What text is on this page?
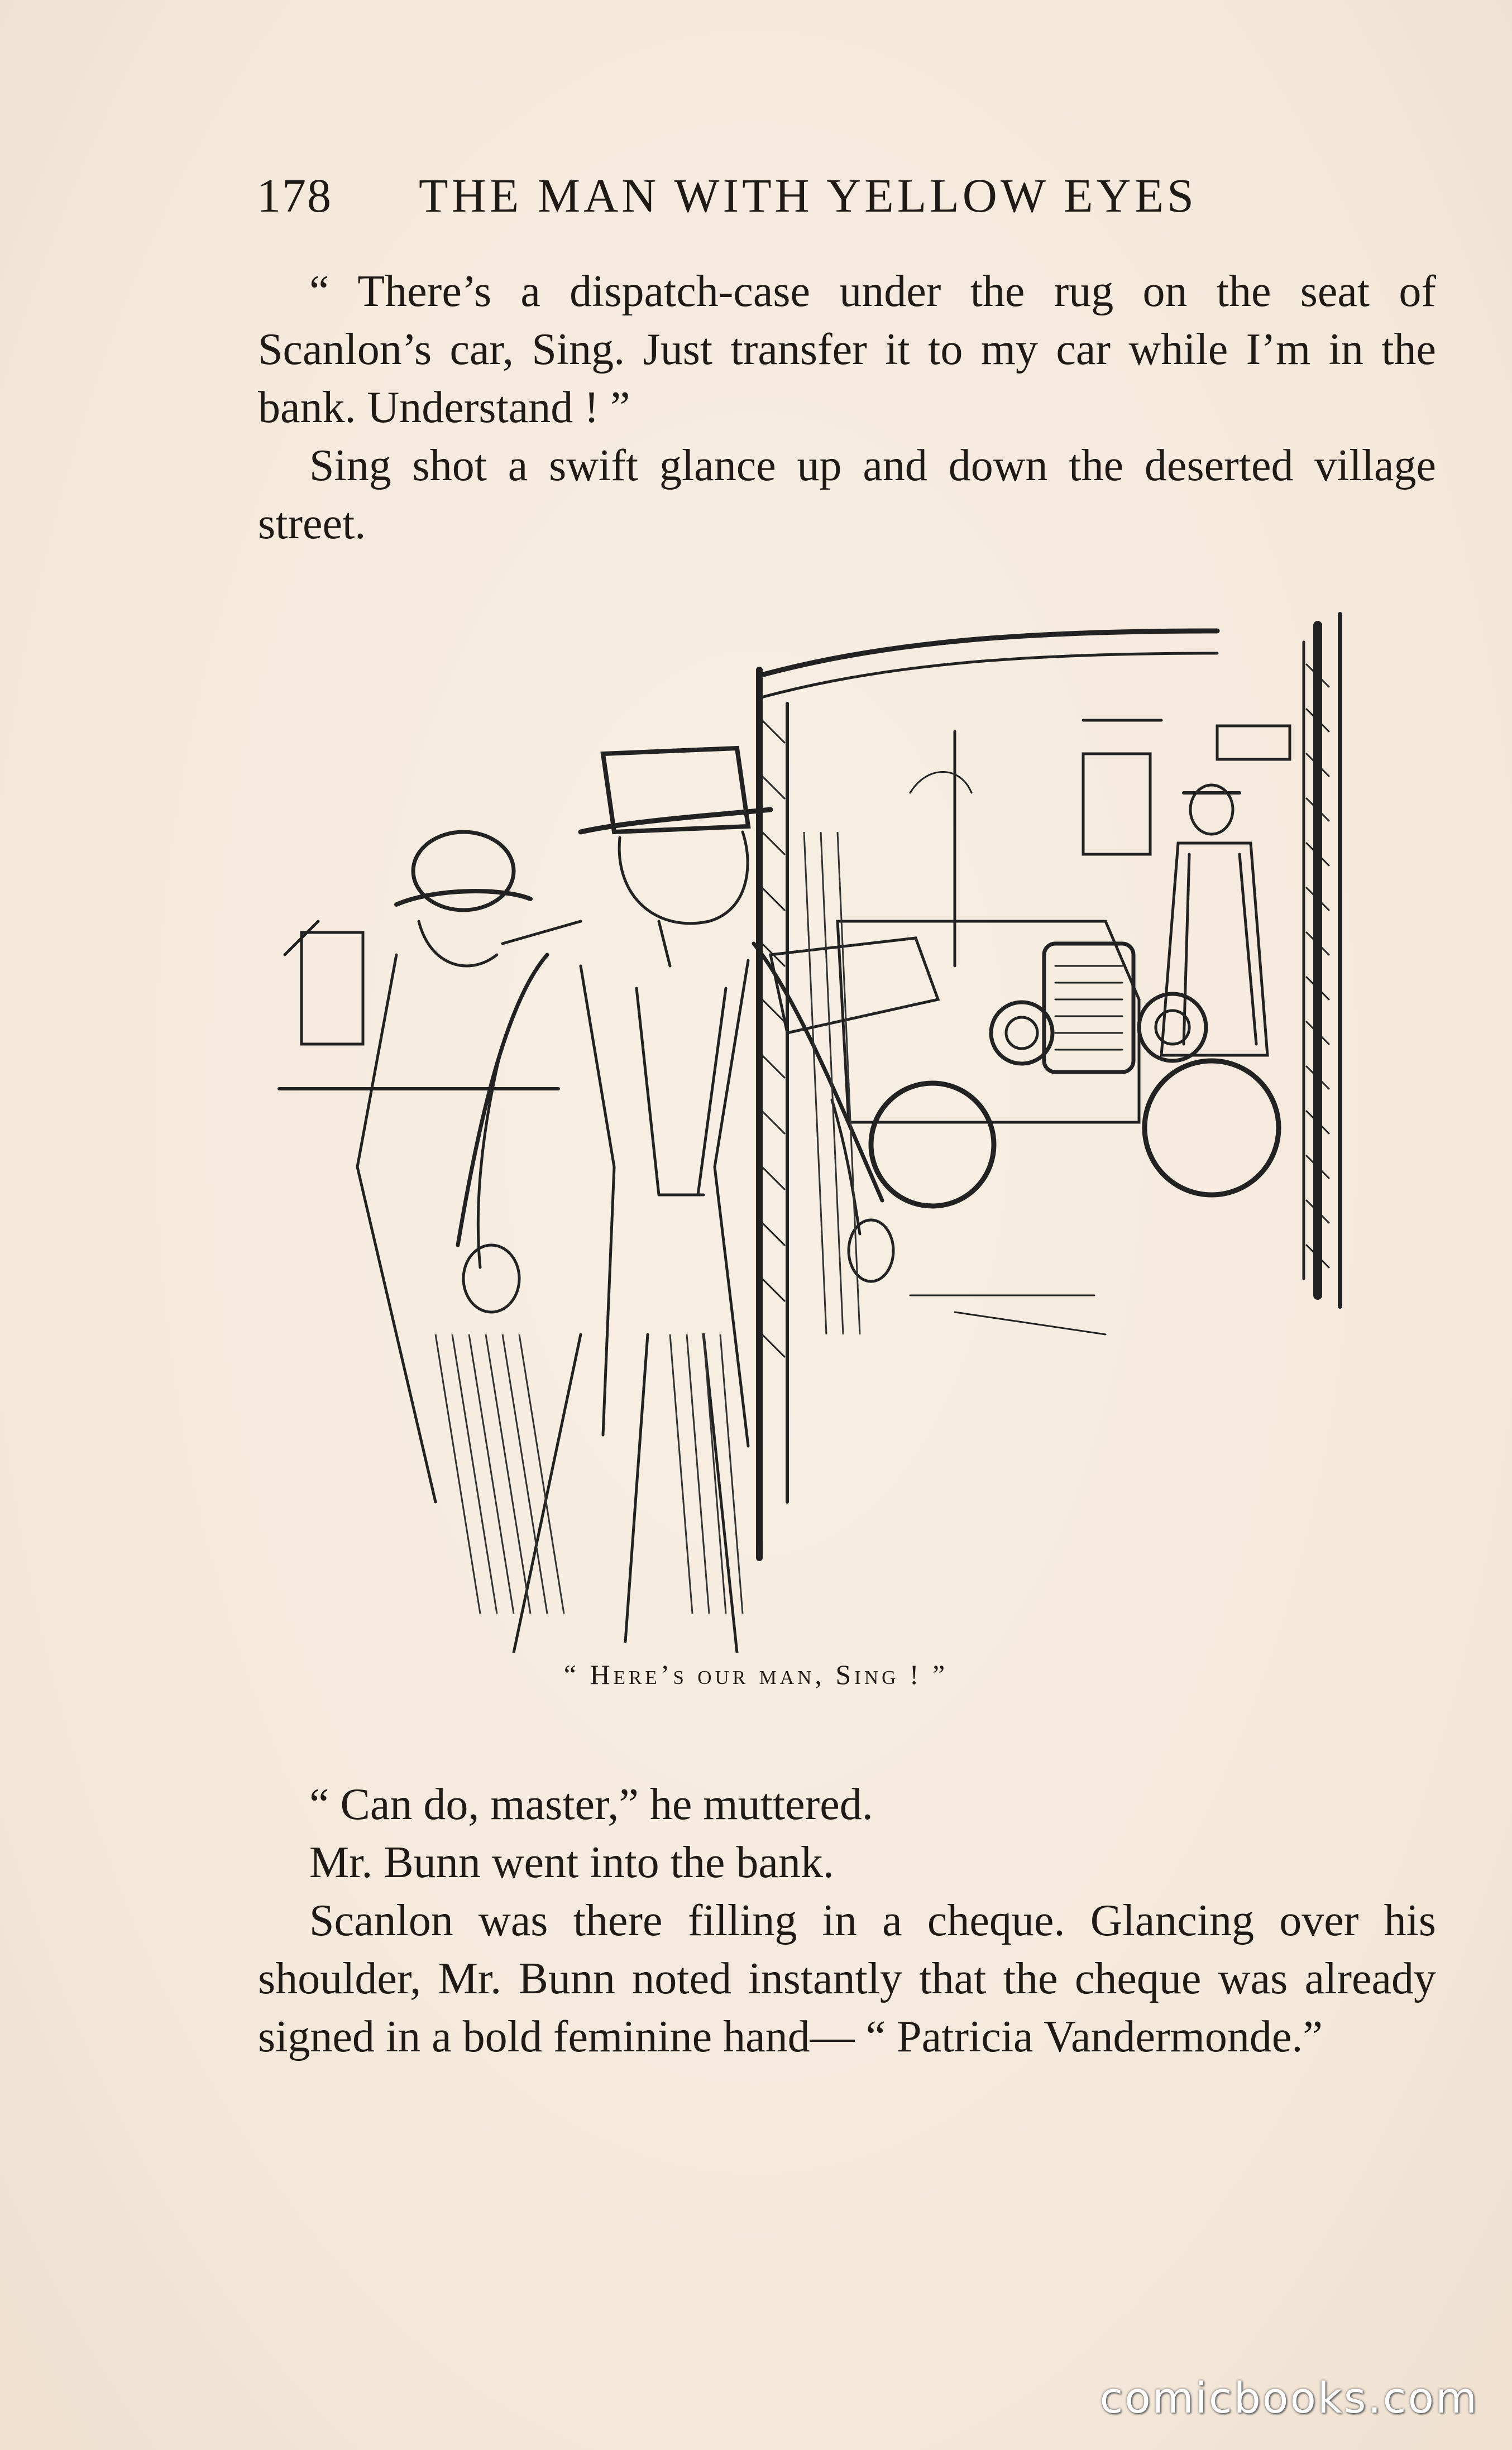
178 THE MAN WITH YELLOW EYES

“ There’s a dispatch-case under the rug on the seat of Scanlon’s car, Sing. Just transfer it to my car while I’m in the bank. Understand ! ”

Sing shot a swift glance up and down the deserted village street.

“ Here’s our man, Sing ! ”

“ Can do, master,” he muttered.

Mr. Bunn went into the bank.

Scanlon was there filling in a cheque. Glancing over his shoulder, Mr. Bunn noted instantly that the cheque was already signed in a bold feminine hand— “ Patricia Vandermonde.”

comicbooks.com
